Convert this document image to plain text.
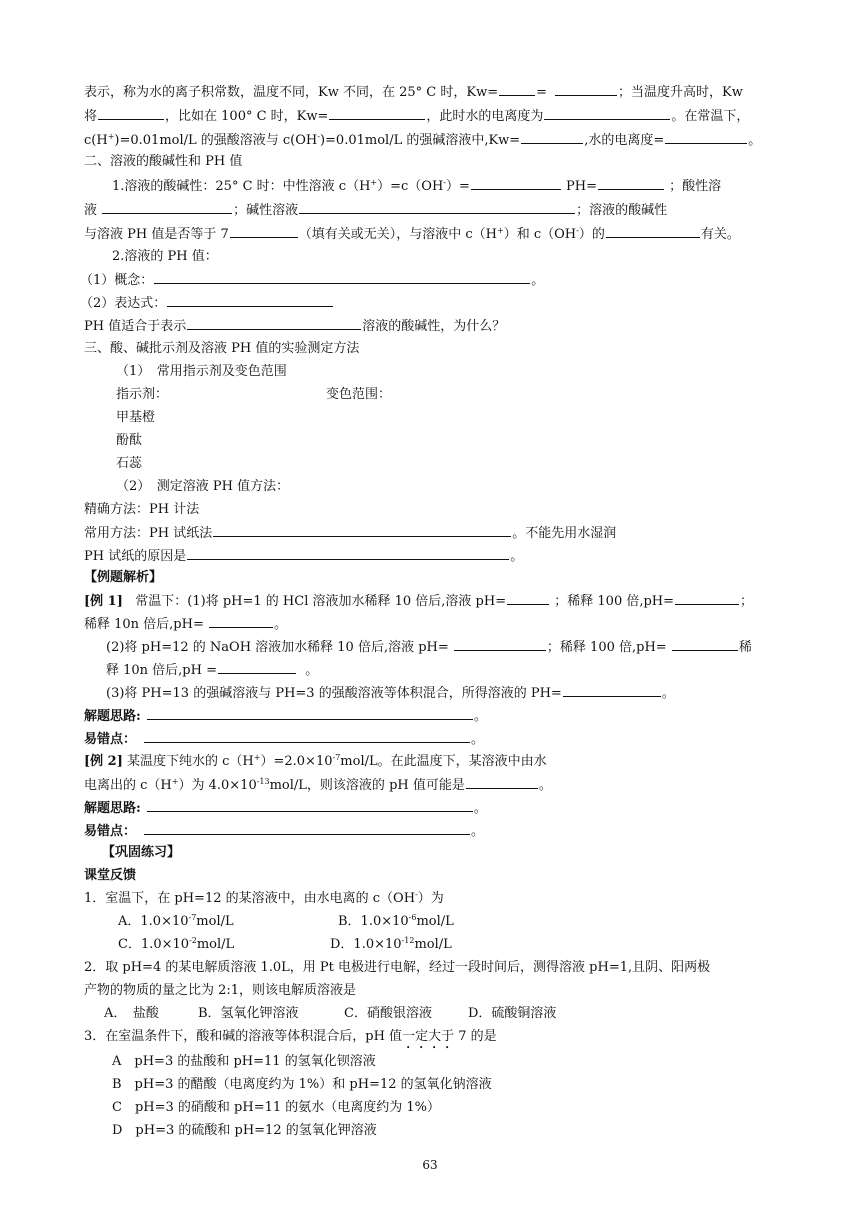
表示，称为水的离子积常数，温度不同，Kw 不同，在 25° C 时，Kw=	=	；当温度升高时，Kw
将	，比如在 100° C 时，Kw=	，此时水的电离度为	。在常温下，
c(H+)=0.01mol/L 的强酸溶液与 c(OH-)=0.01mol/L 的强碱溶液中,Kw=	,水的电离度=	。
二、溶液的酸碱性和 PH 值
1.溶液的酸碱性：25° C 时：中性溶液 c（H+）=c（OH-）=	PH=	；酸性溶
液	；碱性溶液	；溶液的酸碱性
与溶液 PH 值是否等于 7	（填有关或无关），与溶液中 c（H+）和 c（OH-）的	有关。
2.溶液的 PH 值：
（1）概念：	。
（2）表达式：
PH 值适合于表示	溶液的酸碱性，为什么？
三、酸、碱批示剂及溶液 PH 值的实验测定方法
（1）　常用指示剂及变色范围
指示剂：	变色范围：
甲基橙
酚酞
石蕊
（2）　测定溶液 PH 值方法：
精确方法：PH 计法
常用方法：PH 试纸法	。不能先用水湿润
PH 试纸的原因是	。
【例题解析】
[例 1] 常温下：(1)将 pH=1 的 HCl 溶液加水稀释 10 倍后,溶液 pH=	；稀释 100 倍,pH=	；
稀释 10n 倍后,pH=	。
(2)将 pH=12 的 NaOH 溶液加水稀释 10 倍后,溶液 pH=	；稀释 100 倍,pH=	稀
释 10n 倍后,pH =	。
(3)将 PH=13 的强碱溶液与 PH=3 的强酸溶液等体积混合，所得溶液的 PH=	。
解题思路:	。
易错点：	。
[例 2] 某温度下纯水的 $c(H^+)=2.0\times 10^{-7}mol/L$。在此温度下，某溶液中由水
电离出的 c（H+）为 $4.0\times 10^{-13}mol/L$，则该溶液的 pH 值可能是	。
解题思路:	。
易错点：	。
【巩固练习】
课堂反馈
1．室温下，在 pH=12 的某溶液中，由水电离的 c（OH-）为
A．$1.0\times 10^{-7}mol/L$	B．$1.0\times 10^{-6}mol/L$
C．$1.0\times 10^{-2}mol/L$	D．$1.0\times 10^{-12}mol/L$
2．取 pH=4 的某电解质溶液 1.0L，用 Pt 电极进行电解，经过一段时间后，测得溶液 pH=1,且阴、阳两极
产物的物质的量之比为 2:1，则该电解质溶液是
A．　盐酸	B．氢氧化钾溶液	C．硝酸银溶液	D．硫酸铜溶液
3．在室温条件下，酸和碱的溶液等体积混合后，pH 值一定大于 7 的是
A　pH=3 的盐酸和 pH=11 的氢氧化钡溶液
B　pH=3 的醋酸（电离度约为 1%）和 pH=12 的氢氧化钠溶液
C　pH=3 的硝酸和 pH=11 的氨水（电离度约为 1%）
D　pH=3 的硫酸和 pH=12 的氢氧化钾溶液
63
